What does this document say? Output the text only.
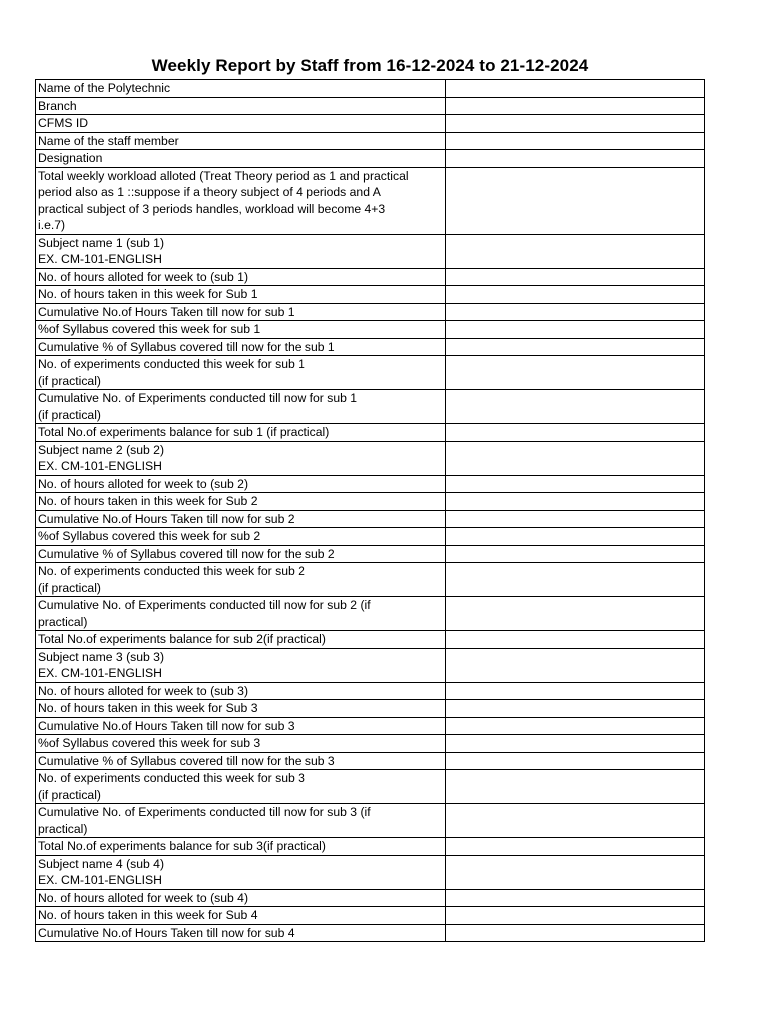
Weekly Report by Staff from 16-12-2024 to 21-12-2024
Name of the Polytechnic	
Branch	
CFMS ID	
Name of the staff member	
Designation	
Total weekly workload alloted (Treat Theory period as 1 and practical
period also as 1 ::suppose if a theory subject of 4 periods and A
practical subject of 3 periods handles, workload will become 4+3
i.e.7)	
Subject name 1 (sub 1)
EX. CM-101-ENGLISH	
No. of hours alloted for week to (sub 1)	
No. of hours taken in this week for Sub 1	
Cumulative No.of Hours Taken till now for sub 1	
%of Syllabus covered this week for sub 1	
Cumulative % of Syllabus covered till now for the sub 1	
No. of experiments conducted this week for sub 1
(if practical)	
Cumulative No. of Experiments conducted till now for sub 1
(if practical)	
Total No.of experiments balance for sub 1 (if practical)	
Subject name 2 (sub 2)
EX. CM-101-ENGLISH	
No. of hours alloted for week to (sub 2)	
No. of hours taken in this week for Sub 2	
Cumulative No.of Hours Taken till now for sub 2	
%of Syllabus covered this week for sub 2	
Cumulative % of Syllabus covered till now for the sub 2	
No. of experiments conducted this week for sub 2
(if practical)	
Cumulative No. of Experiments conducted till now for sub 2 (if
practical)	
Total No.of experiments balance for sub 2(if practical)	
Subject name 3 (sub 3)
EX. CM-101-ENGLISH	
No. of hours alloted for week to (sub 3)	
No. of hours taken in this week for Sub 3	
Cumulative No.of Hours Taken till now for sub 3	
%of Syllabus covered this week for sub 3	
Cumulative % of Syllabus covered till now for the sub 3	
No. of experiments conducted this week for sub 3
(if practical)	
Cumulative No. of Experiments conducted till now for sub 3 (if
practical)	
Total No.of experiments balance for sub 3(if practical)	
Subject name 4 (sub 4)
EX. CM-101-ENGLISH	
No. of hours alloted for week to (sub 4)	
No. of hours taken in this week for Sub 4	
Cumulative No.of Hours Taken till now for sub 4	
